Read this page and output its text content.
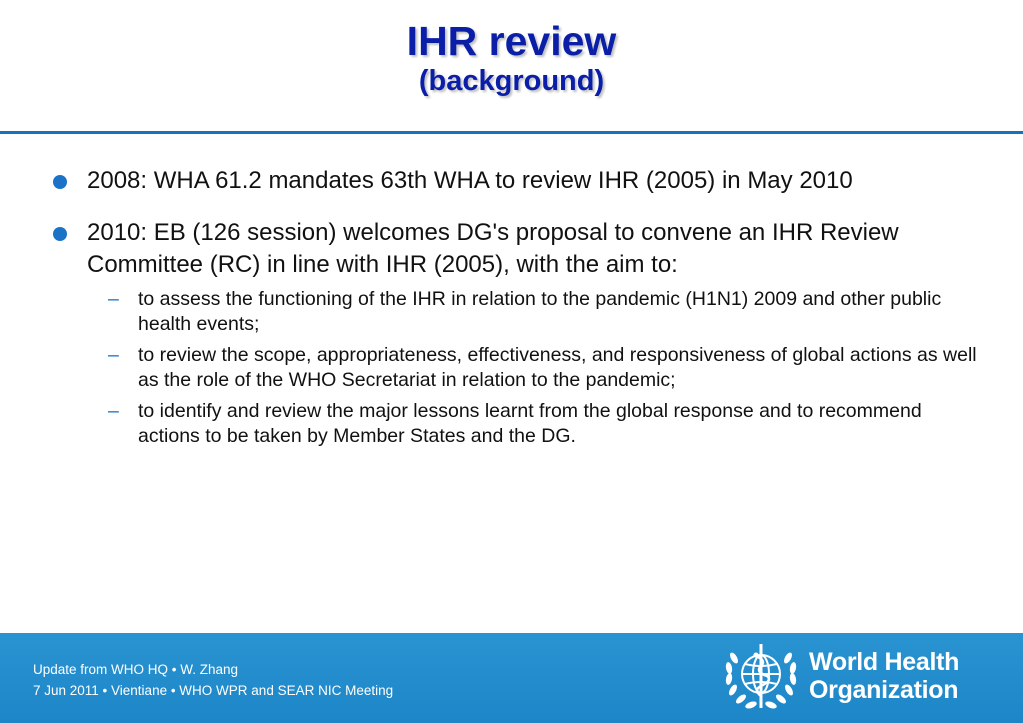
IHR review
(background)
2008: WHA 61.2 mandates 63th WHA to review IHR (2005) in May 2010
2010: EB (126 session) welcomes DG's proposal to convene an IHR Review Committee (RC) in line with IHR (2005), with the aim to:
– to assess the functioning of the IHR in relation to the pandemic (H1N1) 2009 and other public health events;
– to review the scope, appropriateness, effectiveness, and responsiveness of global actions as well as the role of the WHO Secretariat in relation to the pandemic;
– to identify and review the major lessons learnt from the global response and to recommend actions to be taken by Member States and the DG.
Update from WHO HQ • W. Zhang
7 Jun 2011 • Vientiane • WHO WPR and SEAR NIC Meeting
World Health
Organization
